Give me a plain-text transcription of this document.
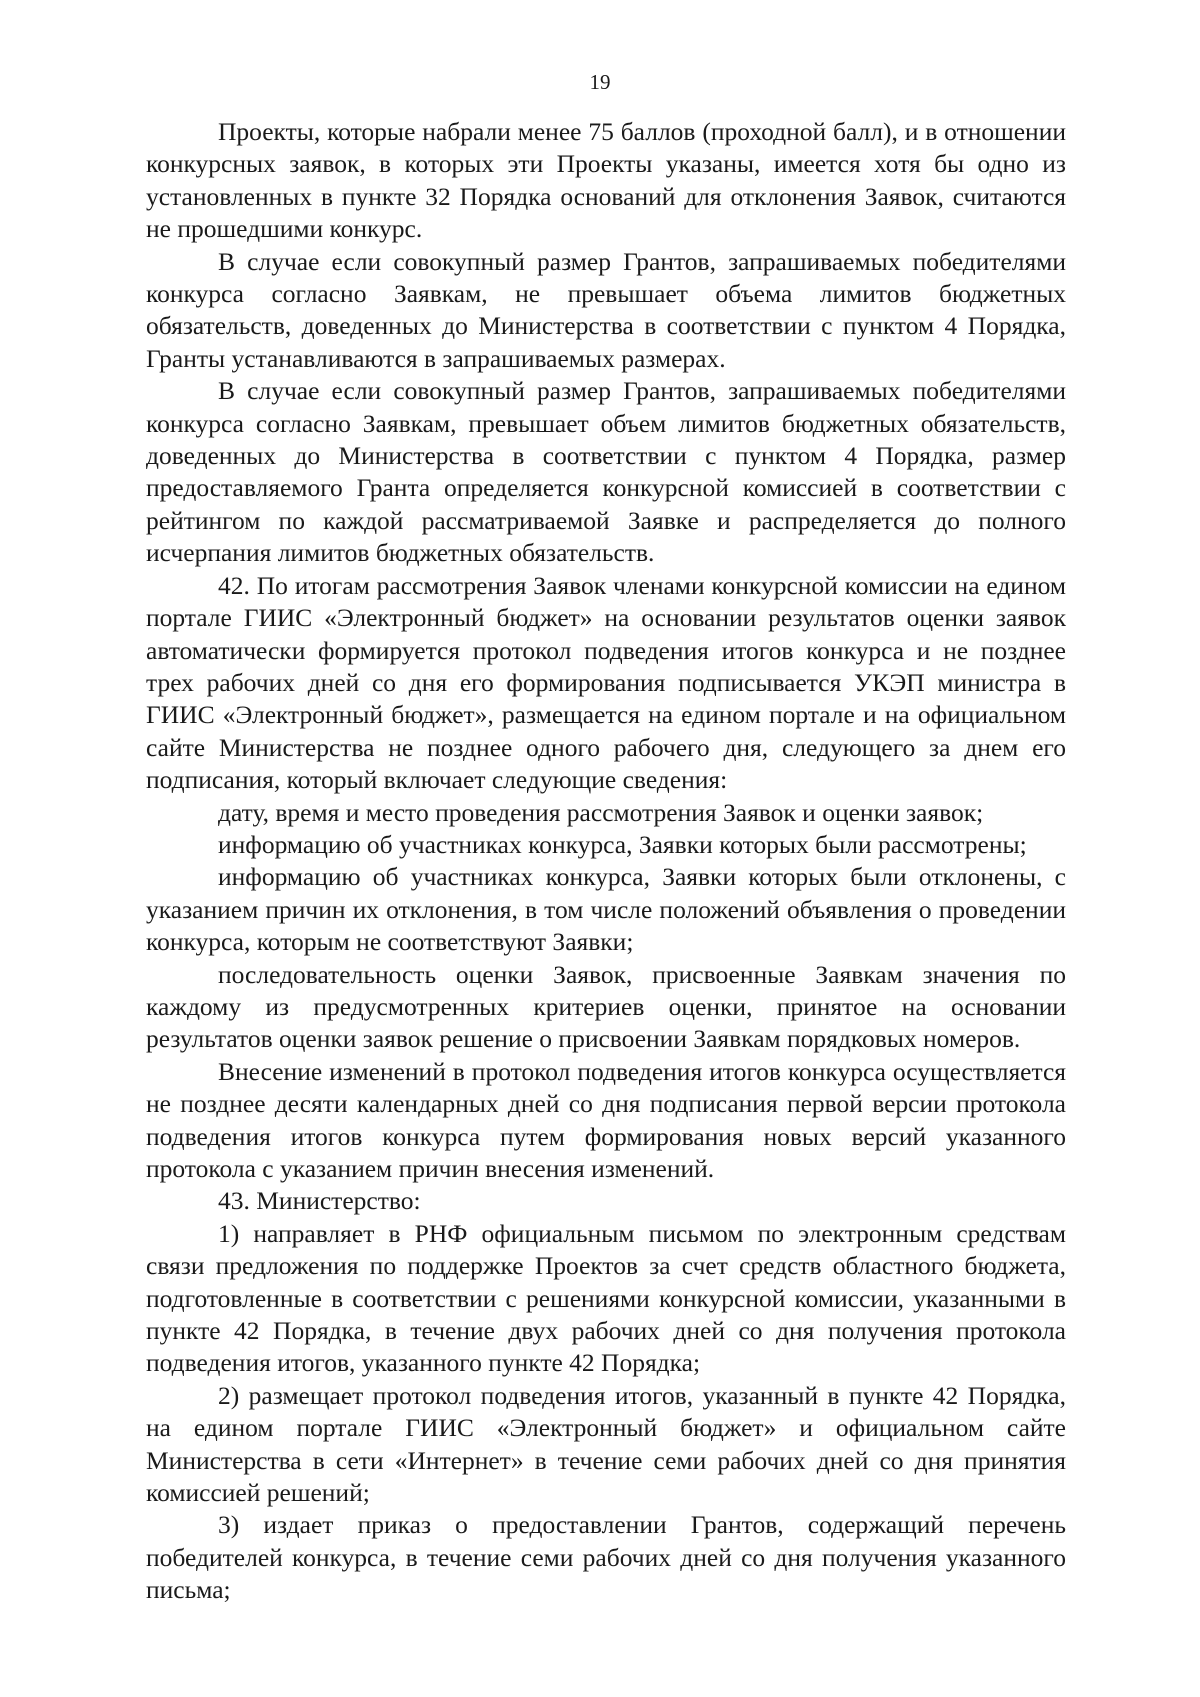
19

Проекты, которые набрали менее 75 баллов (проходной балл), и в отношении конкурсных заявок, в которых эти Проекты указаны, имеется хотя бы одно из установленных в пункте 32 Порядка оснований для отклонения Заявок, считаются не прошедшими конкурс.

В случае если совокупный размер Грантов, запрашиваемых победителями конкурса согласно Заявкам, не превышает объема лимитов бюджетных обязательств, доведенных до Министерства в соответствии с пунктом 4 Порядка, Гранты устанавливаются в запрашиваемых размерах.

В случае если совокупный размер Грантов, запрашиваемых победителями конкурса согласно Заявкам, превышает объем лимитов бюджетных обязательств, доведенных до Министерства в соответствии с пунктом 4 Порядка, размер предоставляемого Гранта определяется конкурсной комиссией в соответствии с рейтингом по каждой рассматриваемой Заявке и распределяется до полного исчерпания лимитов бюджетных обязательств.

42. По итогам рассмотрения Заявок членами конкурсной комиссии на едином портале ГИИС «Электронный бюджет» на основании результатов оценки заявок автоматически формируется протокол подведения итогов конкурса и не позднее трех рабочих дней со дня его формирования подписывается УКЭП министра в ГИИС «Электронный бюджет», размещается на едином портале и на официальном сайте Министерства не позднее одного рабочего дня, следующего за днем его подписания, который включает следующие сведения:

дату, время и место проведения рассмотрения Заявок и оценки заявок;

информацию об участниках конкурса, Заявки которых были рассмотрены;

информацию об участниках конкурса, Заявки которых были отклонены, с указанием причин их отклонения, в том числе положений объявления о проведении конкурса, которым не соответствуют Заявки;

последовательность оценки Заявок, присвоенные Заявкам значения по каждому из предусмотренных критериев оценки, принятое на основании результатов оценки заявок решение о присвоении Заявкам порядковых номеров.

Внесение изменений в протокол подведения итогов конкурса осуществляется не позднее десяти календарных дней со дня подписания первой версии протокола подведения итогов конкурса путем формирования новых версий указанного протокола с указанием причин внесения изменений.

43. Министерство:

1) направляет в РНФ официальным письмом по электронным средствам связи предложения по поддержке Проектов за счет средств областного бюджета, подготовленные в соответствии с решениями конкурсной комиссии, указанными в пункте 42 Порядка, в течение двух рабочих дней со дня получения протокола подведения итогов, указанного пункте 42 Порядка;

2) размещает протокол подведения итогов, указанный в пункте 42 Порядка, на едином портале ГИИС «Электронный бюджет» и официальном сайте Министерства в сети «Интернет» в течение семи рабочих дней со дня принятия комиссией решений;

3) издает приказ о предоставлении Грантов, содержащий перечень победителей конкурса, в течение семи рабочих дней со дня получения указанного письма;
